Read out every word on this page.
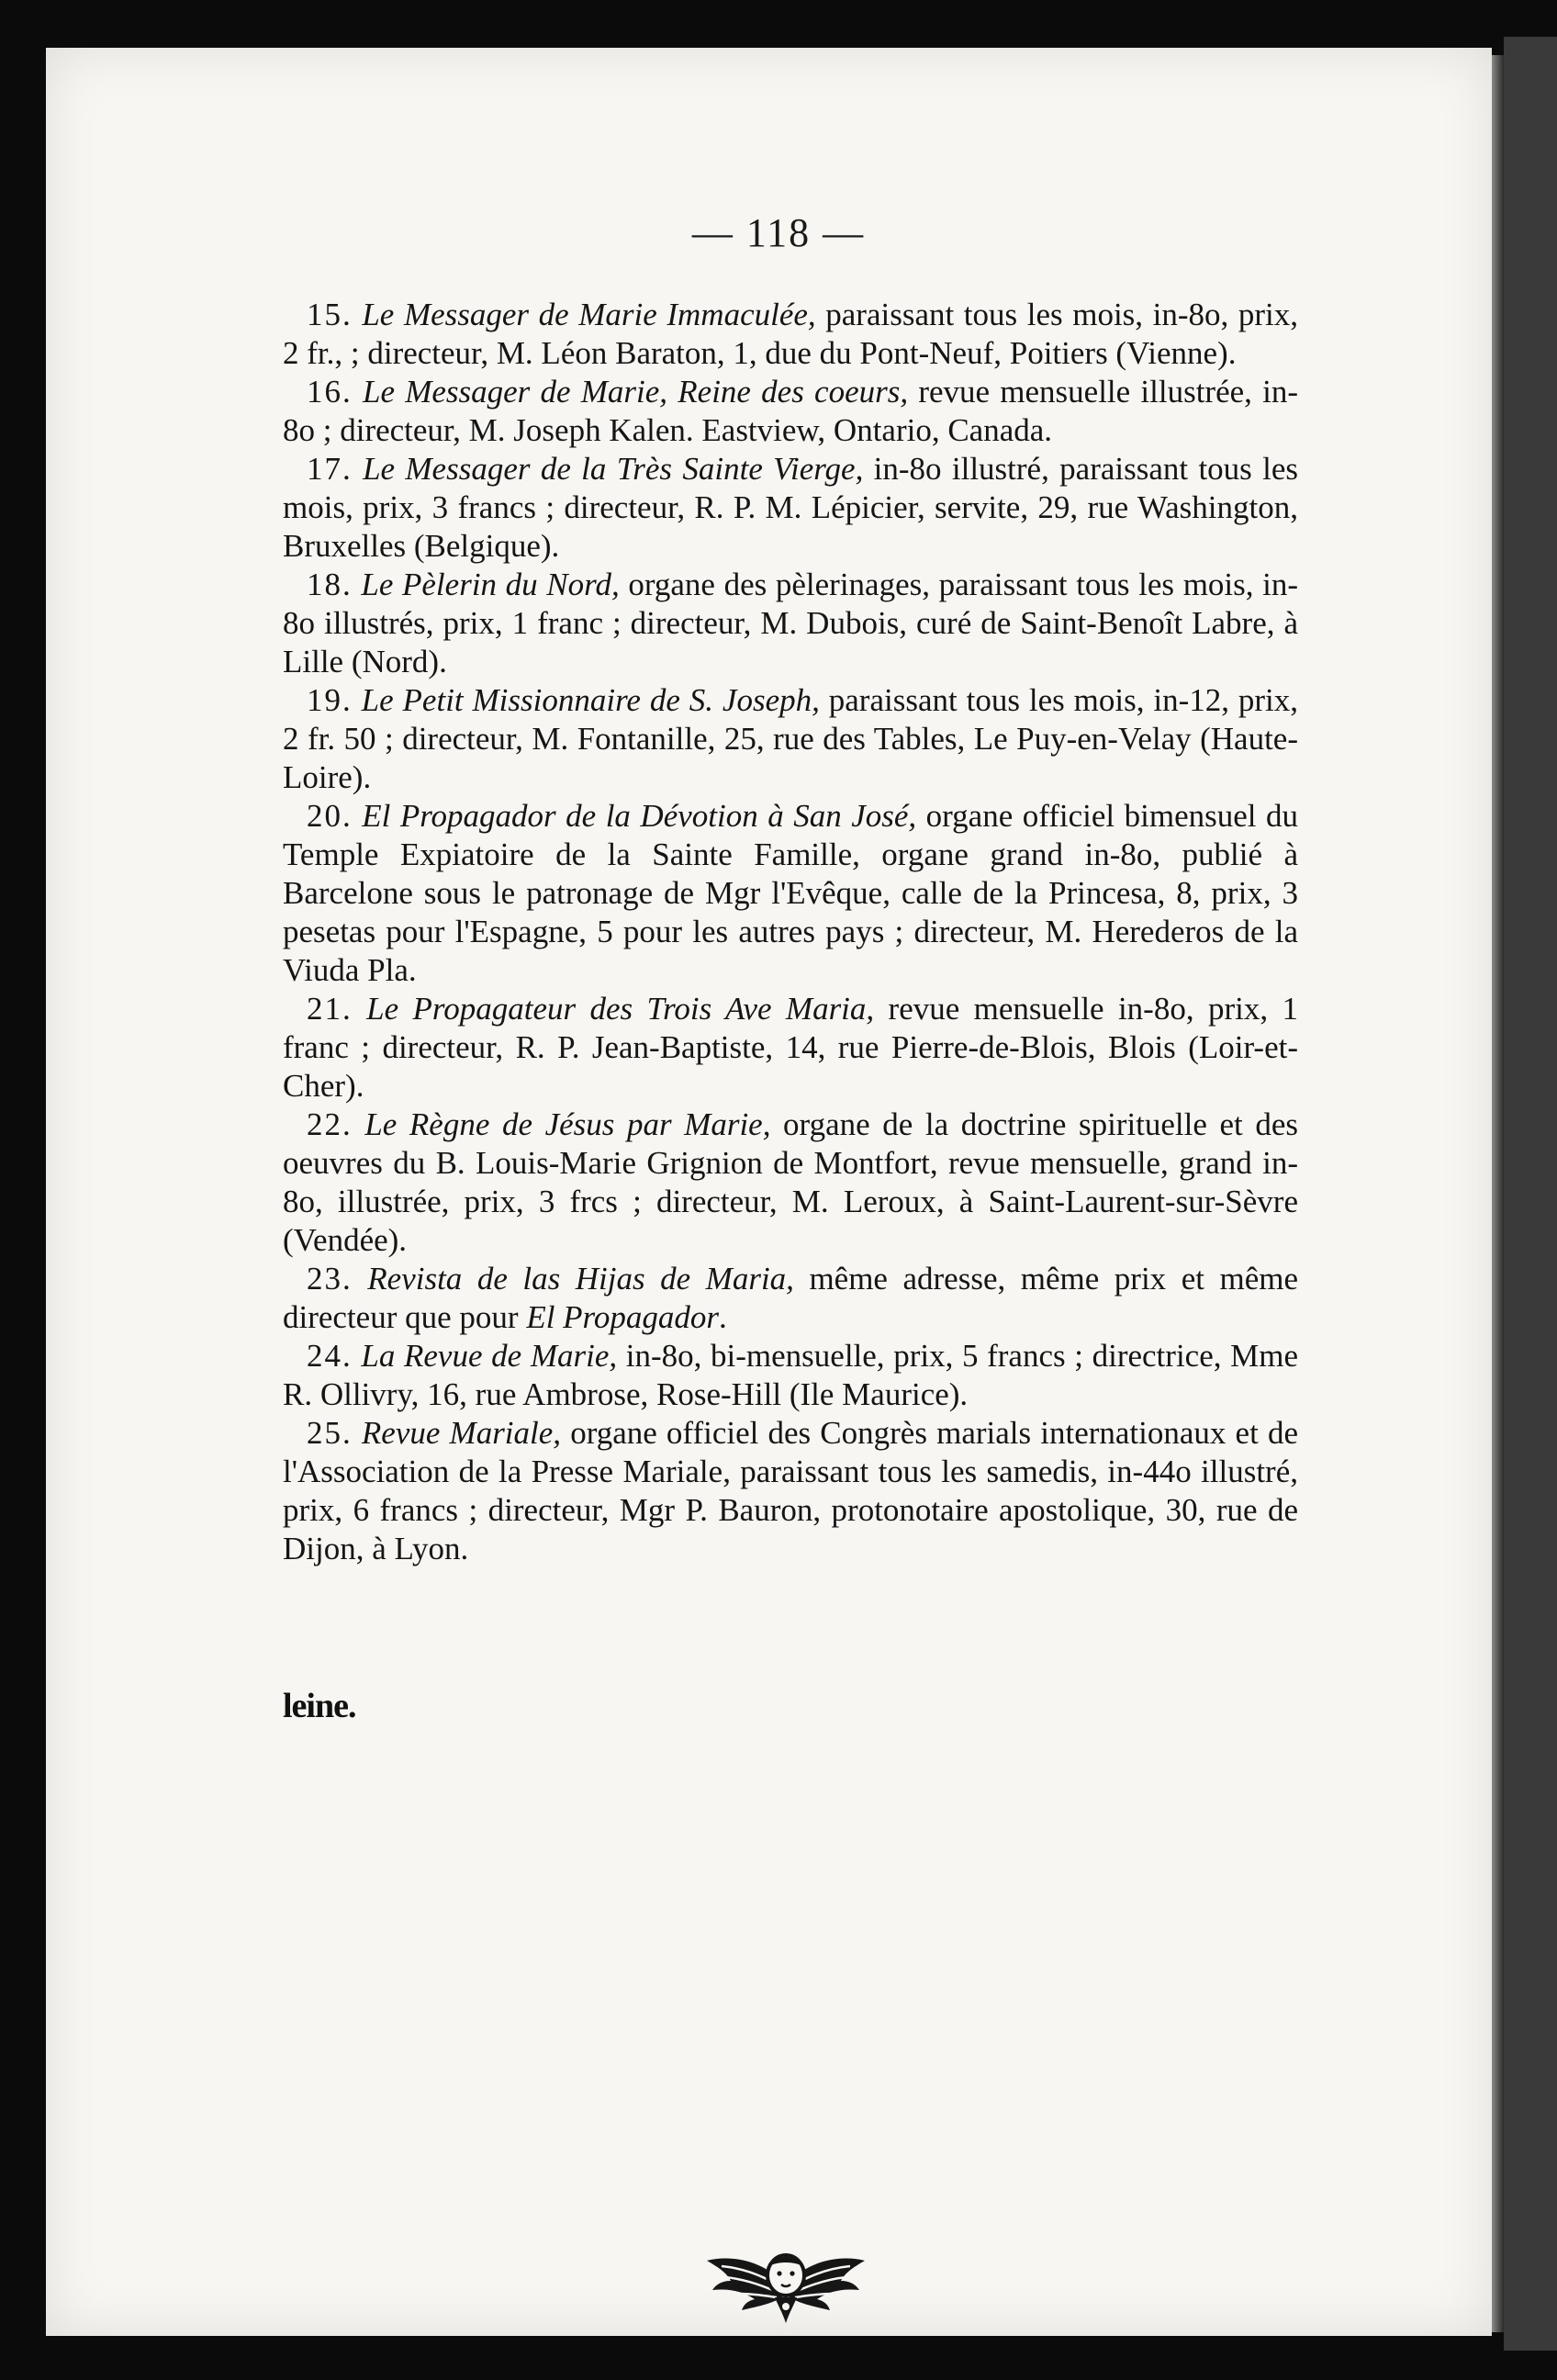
— 118 —

15. Le Messager de Marie Immaculée, paraissant tous les mois, in-8o, prix, 2 fr., ; directeur, M. Léon Baraton, 1, due du Pont-Neuf, Poitiers (Vienne).

16. Le Messager de Marie, Reine des coeurs, revue mensuelle illustrée, in-8o ; directeur, M. Joseph Kalen. Eastview, Ontario, Canada.

17. Le Messager de la Très Sainte Vierge, in-8o illustré, paraissant tous les mois, prix, 3 francs ; directeur, R. P. M. Lépicier, servite, 29, rue Washington, Bruxelles (Belgique).

18. Le Pèlerin du Nord, organe des pèlerinages, paraissant tous les mois, in-8o illustrés, prix, 1 franc ; directeur, M. Dubois, curé de Saint-Benoît Labre, à Lille (Nord).

19. Le Petit Missionnaire de S. Joseph, paraissant tous les mois, in-12, prix, 2 fr. 50 ; directeur, M. Fontanille, 25, rue des Tables, Le Puy-en-Velay (Haute-Loire).

20. El Propagador de la Dévotion à San José, organe officiel bimensuel du Temple Expiatoire de la Sainte Famille, organe grand in-8o, publié à Barcelone sous le patronage de Mgr l'Evêque, calle de la Princesa, 8, prix, 3 pesetas pour l'Espagne, 5 pour les autres pays ; directeur, M. Herederos de la Viuda Pla.

21. Le Propagateur des Trois Ave Maria, revue mensuelle in-8o, prix, 1 franc ; directeur, R. P. Jean-Baptiste, 14, rue Pierre-de-Blois, Blois (Loir-et-Cher).

22. Le Règne de Jésus par Marie, organe de la doctrine spirituelle et des oeuvres du B. Louis-Marie Grignion de Montfort, revue mensuelle, grand in-8o, illustrée, prix, 3 frcs ; directeur, M. Leroux, à Saint-Laurent-sur-Sèvre (Vendée).

23. Revista de las Hijas de Maria, même adresse, même prix et même directeur que pour El Propagador.

24. La Revue de Marie, in-8o, bi-mensuelle, prix, 5 francs ; directrice, Mme R. Ollivry, 16, rue Ambrose, Rose-Hill (Ile Maurice).

25. Revue Mariale, organe officiel des Congrès marials internationaux et de l'Association de la Presse Mariale, paraissant tous les samedis, in-44o illustré, prix, 6 francs ; directeur, Mgr P. Bauron, protonotaire apostolique, 30, rue de Dijon, à Lyon.

leine.
